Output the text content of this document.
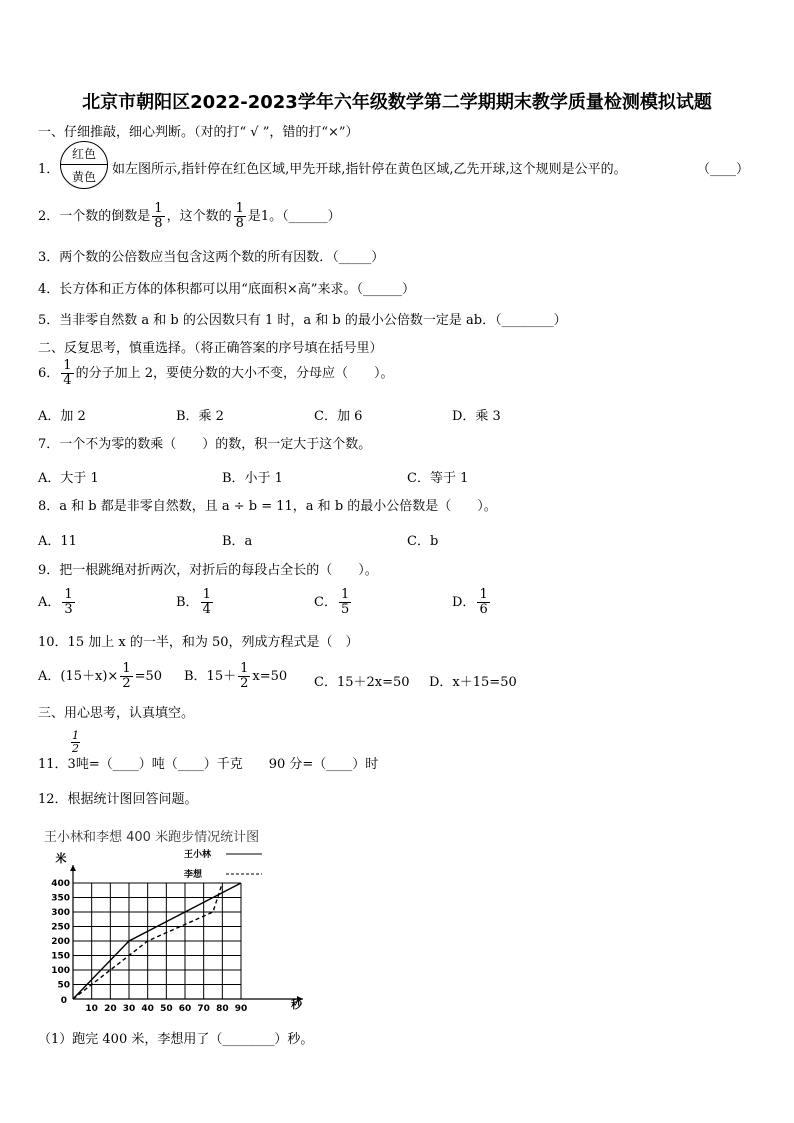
北京市朝阳区2022-2023学年六年级数学第二学期期末教学质量检测模拟试题
一、仔细推敲，细心判断。（对的打“ √ ”，错的打“×”）
1．
红色
黄色	如左图所示,指针停在红色区域,甲先开球,指针停在黄色区域,乙先开球,这个规则是公平的。	（____）
2．一个数的倒数是 $\frac{1}{8}$ ，这个数的 $\frac{1}{8}$ 是1。（______）
3．两个数的公倍数应当包含这两个数的所有因数．（_____）
4．长方体和正方体的体积都可以用“底面积×高”来求。（______）
5．当非零自然数 a 和 b 的公因数只有 1 时，a 和 b 的最小公倍数一定是 ab．（________）
二、反复思考，慎重选择。（将正确答案的序号填在括号里）
6． $\frac{1}{4}$ 的分子加上 2，要使分数的大小不变，分母应（　　）。
A．加 2	B．乘 2	C．加 6	D．乘 3
7．一个不为零的数乘（　　）的数，积一定大于这个数。
A．大于 1	B．小于 1	C．等于 1
8．a 和 b 都是非零自然数，且 a ÷ b = 11，a 和 b 的最小公倍数是（　　）。
A．11	B．a	C．b
9．把一根跳绳对折两次，对折后的每段占全长的（　　）。
A． $\frac{1}{3}$	B． $\frac{1}{4}$	C． $\frac{1}{5}$	D． $\frac{1}{6}$
10．15 加上 x 的一半，和为 50，列成方程式是（　）
A．$(15+x)\times \frac{1}{2} =50$ B．$15+ \frac{1}{2} x=50$ C．15＋2x=50 D．x＋15=50
三、用心思考，认真填空。
11．3吨=（____）吨（____）千克　　90 分=（____）时
$\frac{1}{2}$
12．根据统计图回答问题。
王小林和李想 400 米跑步情况统计图
50
100
150
200
250
300
350
400
10 20 30 40 50 60 70 80 90
0
米
秒
王小林
李想
（1）跑完 400 米，李想用了（________）秒。
